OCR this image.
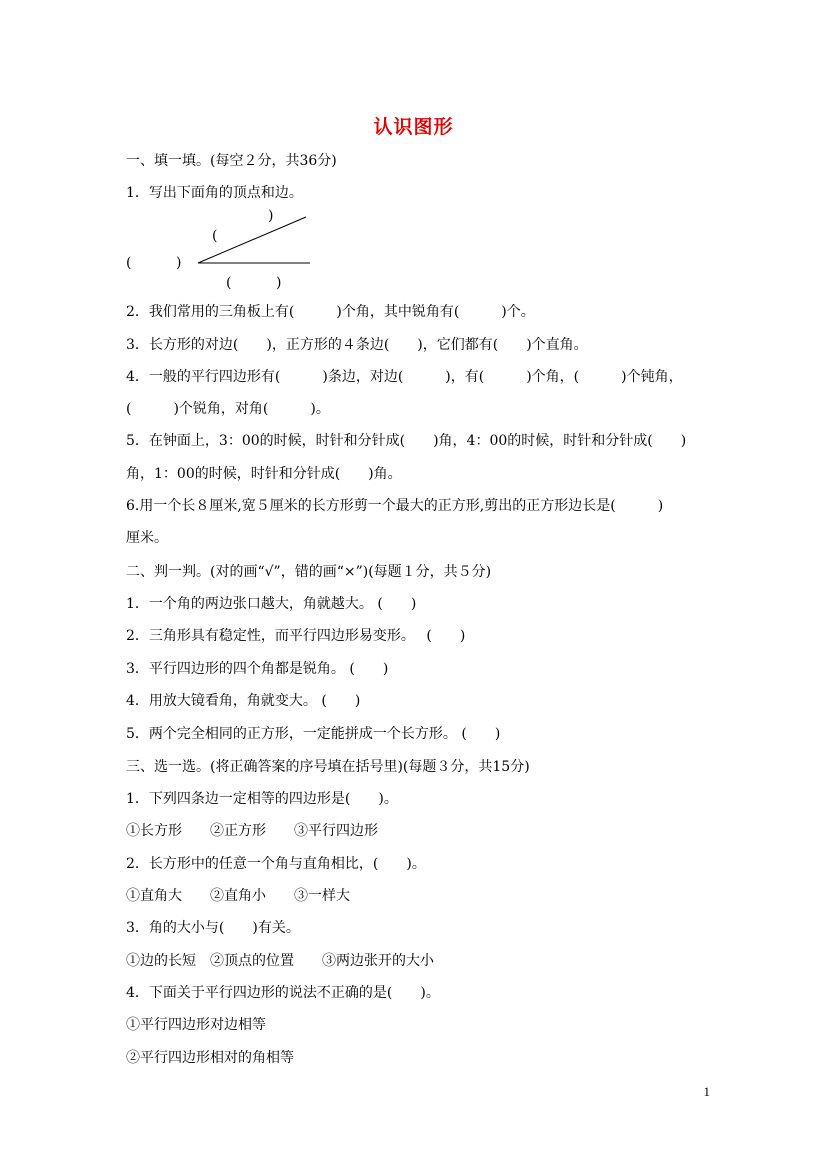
认识图形
一、填一填。(每空２分，共36分)
1．写出下面角的顶点和边。
)
(
(          )
(          )
2．我们常用的三角板上有(　　　)个角，其中锐角有(　　　)个。
3．长方形的对边(　　)，正方形的４条边(　　)，它们都有(　　)个直角。
4．一般的平行四边形有(　　　)条边，对边(　　　)，有(　　　)个角，(　　　)个钝角，
(　　　)个锐角，对角(　　　)。
5．在钟面上，3：00的时候，时针和分针成(　　)角，4：00的时候，时针和分针成(　　)
角，1：00的时候，时针和分针成(　　)角。
6.用一个长８厘米,宽５厘米的长方形剪一个最大的正方形,剪出的正方形边长是(　　　)
厘米。
二、判一判。(对的画“√”，错的画“×”)(每题１分，共５分)
1．一个角的两边张口越大，角就越大。 (　　)
2．三角形具有稳定性，而平行四边形易变形。　 (　　)
3．平行四边形的四个角都是锐角。 (　　)
4．用放大镜看角，角就变大。 (　　)
5．两个完全相同的正方形，一定能拼成一个长方形。 (　　)
三、选一选。(将正确答案的序号填在括号里)(每题３分，共15分)
1．下列四条边一定相等的四边形是(　　)。
①长方形　　②正方形　　③平行四边形
2．长方形中的任意一个角与直角相比，(　　)。
①直角大　　②直角小　　③一样大
3．角的大小与(　　)有关。
①边的长短　②顶点的位置　　③两边张开的大小
4．下面关于平行四边形的说法不正确的是(　　)。
①平行四边形对边相等
②平行四边形相对的角相等
1
